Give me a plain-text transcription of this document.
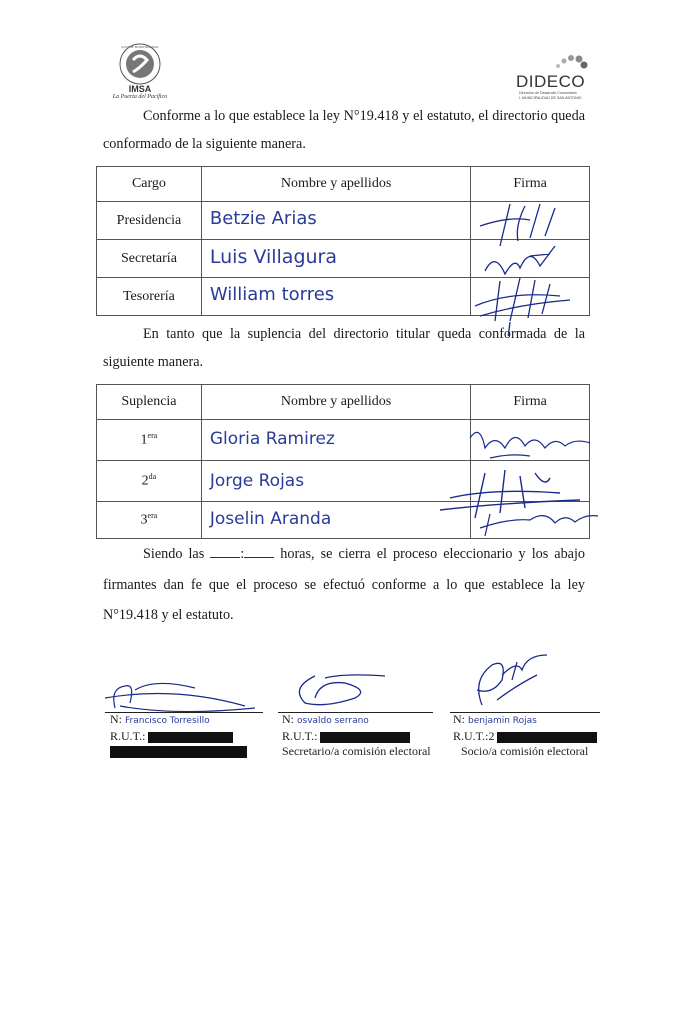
ILUSTRE MUNICIPALIDAD
IMSA
La Puerta del Pacífico
DIDECO
Dirección de Desarrollo Comunitario
I. MUNICIPALIDAD DE SAN ANTONIO
Conforme a lo que establece la ley N°19.418 y el estatuto, el directorio queda conformado de la siguiente manera.
Cargo	Nombre y apellidos	Firma
Presidencia	Betzie Arias	

Secretaría	Luis Villagura	

Tesorería	William torres	

En tanto que la suplencia del directorio titular queda conformada de la siguiente manera.
Suplencia	Nombre y apellidos	Firma
$1^{era}$	Gloria Ramirez	

$2^{da}$	Jorge Rojas	

$3^{era}$	Joselin Aranda	

Siendo las	:	horas, se cierra el proceso eleccionario y los abajo firmantes dan fe que el proceso se efectuó conforme a lo que establece la ley N°19.418 y el estatuto.
N: Francisco Torresillo
R.U.T.:
Presidente/a comisión electoral
N: osvaldo serrano
R.U.T.:
Secretario/a comisión electoral
N: benjamin Rojas
R.U.T.:2
Socio/a comisión electoral
